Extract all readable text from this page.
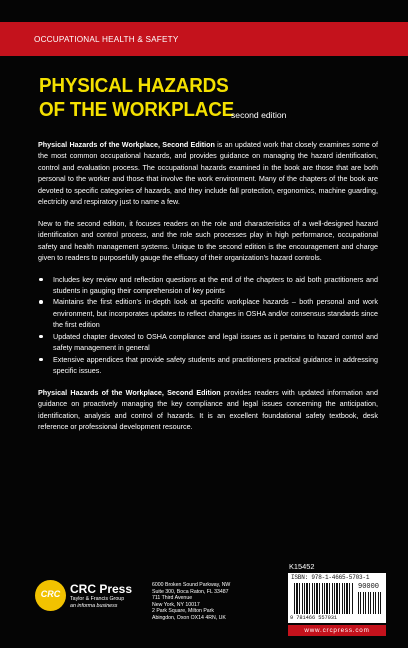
OCCUPATIONAL HEALTH & SAFETY
PHYSICAL HAZARDS
OF THE WORKPLACE
second edition

Physical Hazards of the Workplace, Second Edition is an updated work that closely examines some of the most common occupational hazards, and provides guidance on managing the hazard identification, control and evaluation process. The occupational hazards examined in the book are those that are both personal to the worker and those that involve the work environment. Many of the chapters of the book are devoted to specific categories of hazards, and they include fall protection, ergonomics, machine guarding, electricity and respiratory just to name a few.

New to the second edition, it focuses readers on the role and characteristics of a well-designed hazard identification and control process, and the role such processes play in high performance, occupational safety and health management systems. Unique to the second edition is the encouragement and charge given to readers to purposefully gauge the efficacy of their organization's hazard controls.

Includes key review and reflection questions at the end of the chapters to aid both practitioners and students in gauging their comprehension of key points
Maintains the first edition's in-depth look at specific workplace hazards – both personal and work environment, but incorporates updates to reflect changes in OSHA and/or consensus standards since the first edition
Updated chapter devoted to OSHA compliance and legal issues as it pertains to hazard control and safety management in general
Extensive appendices that provide safety students and practitioners practical guidance in addressing specific issues.

Physical Hazards of the Workplace, Second Edition provides readers with updated information and guidance on proactively managing the key compliance and legal issues concerning the anticipation, identification, analysis and control of hazards. It is an excellent foundational safety textbook, desk reference or professional development resource.

CRC CRC Press
Taylor & Francis Group
an informa business
6000 Broken Sound Parkway, NW
Suite 300, Boca Raton, FL 33487
711 Third Avenue
New York, NY 10017
2 Park Square, Milton Park
Abingdon, Oxon OX14 4RN, UK
K15452
ISBN: 978-1-4665-5703-1
90000
9 781466 557031
www.crcpress.com
